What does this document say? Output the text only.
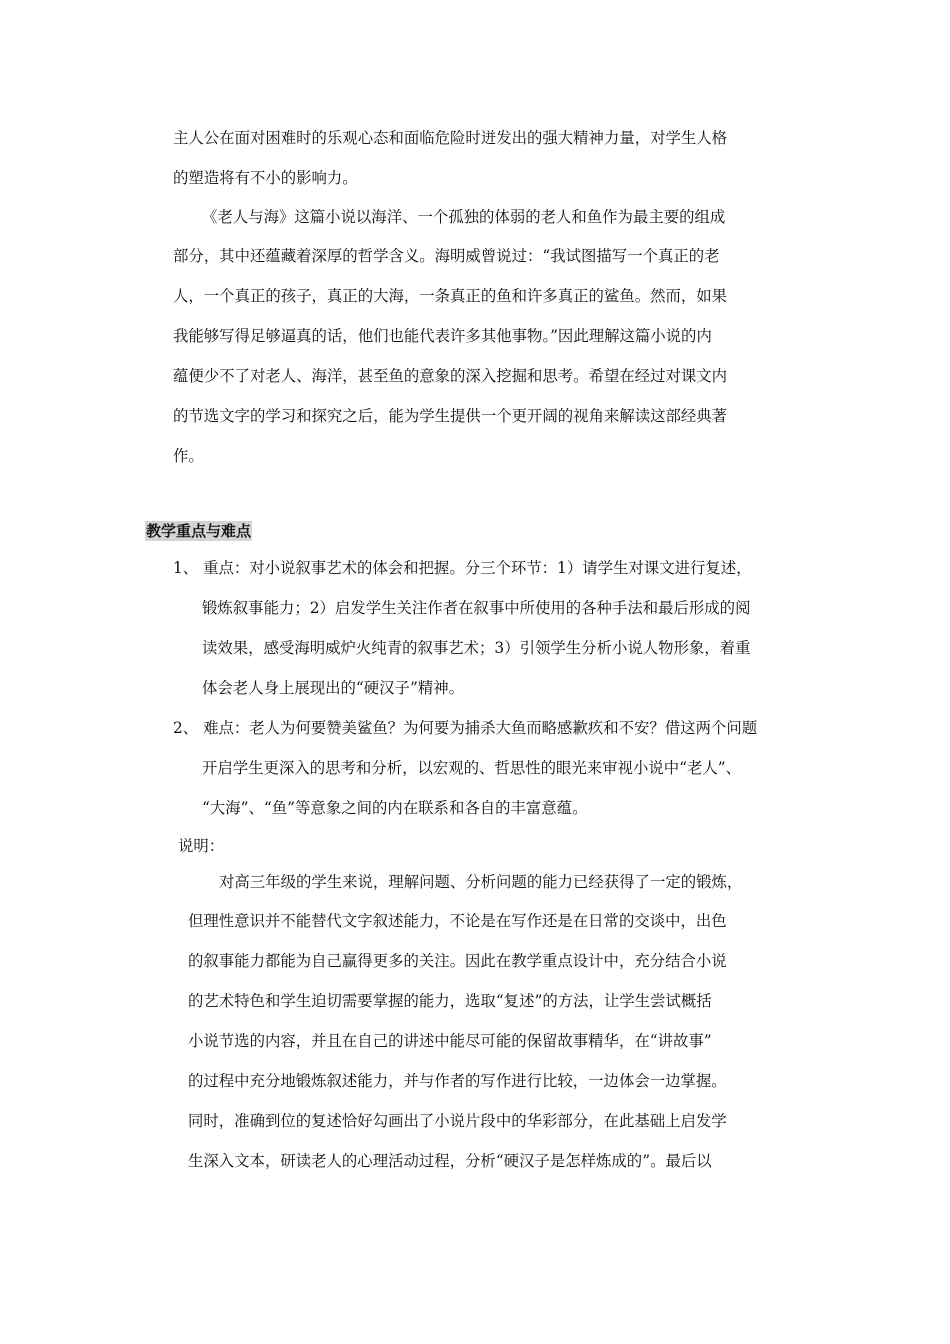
主人公在面对困难时的乐观心态和面临危险时迸发出的强大精神力量，对学生人格
的塑造将有不小的影响力。
《老人与海》这篇小说以海洋、一个孤独的体弱的老人和鱼作为最主要的组成
部分，其中还蕴藏着深厚的哲学含义。海明威曾说过：“我试图描写一个真正的老
人，一个真正的孩子，真正的大海，一条真正的鱼和许多真正的鲨鱼。然而，如果
我能够写得足够逼真的话，他们也能代表许多其他事物。”因此理解这篇小说的内
蕴便少不了对老人、海洋，甚至鱼的意象的深入挖掘和思考。希望在经过对课文内
的节选文字的学习和探究之后，能为学生提供一个更开阔的视角来解读这部经典著
作。
教学重点与难点
1、 重点：对小说叙事艺术的体会和把握。分三个环节：1）请学生对课文进行复述，
锻炼叙事能力；2）启发学生关注作者在叙事中所使用的各种手法和最后形成的阅
读效果，感受海明威炉火纯青的叙事艺术；3）引领学生分析小说人物形象，着重
体会老人身上展现出的“硬汉子”精神。
2、 难点：老人为何要赞美鲨鱼？为何要为捕杀大鱼而略感歉疚和不安？借这两个问题
开启学生更深入的思考和分析，以宏观的、哲思性的眼光来审视小说中“老人”、
“大海”、“鱼”等意象之间的内在联系和各自的丰富意蕴。
说明：
对高三年级的学生来说，理解问题、分析问题的能力已经获得了一定的锻炼，
但理性意识并不能替代文字叙述能力，不论是在写作还是在日常的交谈中，出色
的叙事能力都能为自己赢得更多的关注。因此在教学重点设计中，充分结合小说
的艺术特色和学生迫切需要掌握的能力，选取“复述”的方法，让学生尝试概括
小说节选的内容，并且在自己的讲述中能尽可能的保留故事精华，在“讲故事”
的过程中充分地锻炼叙述能力，并与作者的写作进行比较，一边体会一边掌握。
同时，准确到位的复述恰好勾画出了小说片段中的华彩部分，在此基础上启发学
生深入文本，研读老人的心理活动过程，分析“硬汉子是怎样炼成的”。最后以
